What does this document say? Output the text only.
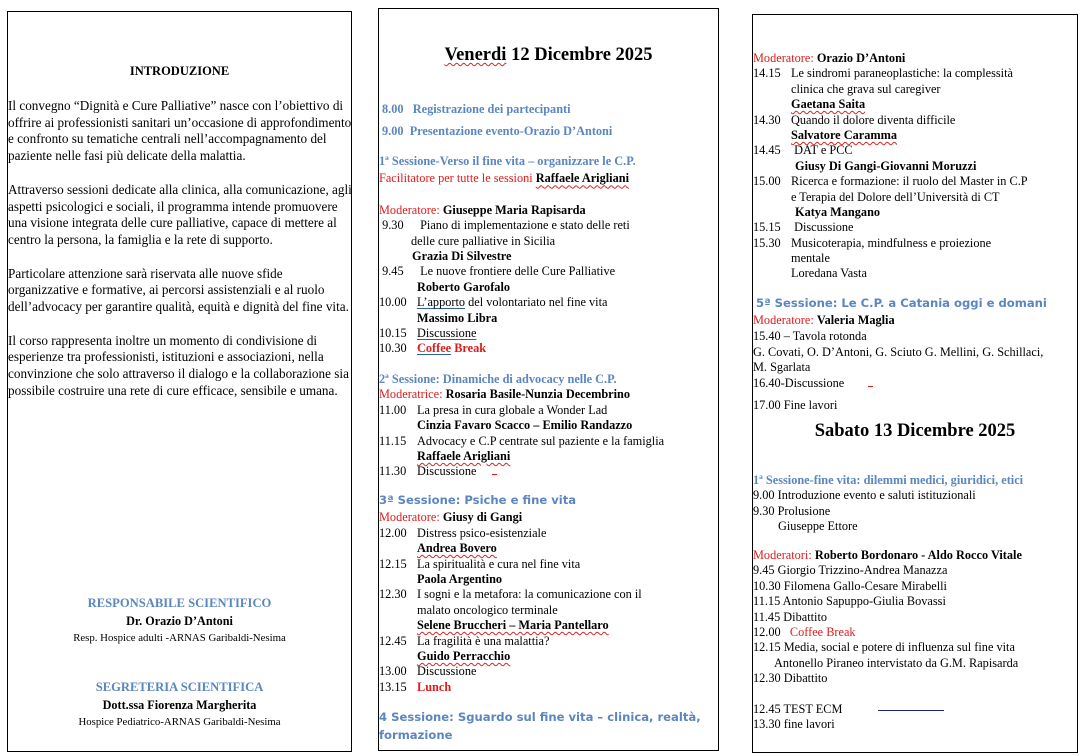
INTRODUZIONE

Il convegno “Dignità e Cure Palliative” nasce con l’obiettivo di offrire ai professionisti sanitari un’occasione di approfondimento e confronto su tematiche centrali nell’accompagnamento del paziente nelle fasi più delicate della malattia.

Attraverso sessioni dedicate alla clinica, alla comunicazione, agli aspetti psicologici e sociali, il programma intende promuovere una visione integrata delle cure palliative, capace di mettere al centro la persona, la famiglia e la rete di supporto.

Particolare attenzione sarà riservata alle nuove sfide organizzative e formative, ai percorsi assistenziali e al ruolo dell’advocacy per garantire qualità, equità e dignità del fine vita.

Il corso rappresenta inoltre un momento di condivisione di esperienze tra professionisti, istituzioni e associazioni, nella convinzione che solo attraverso il dialogo e la collaborazione sia possibile costruire una rete di cure efficace, sensibile e umana.

RESPONSABILE SCIENTIFICO
Dr. Orazio D’Antoni
Resp. Hospice adulti -ARNAS Garibaldi-Nesima
SEGRETERIA SCIENTIFICA
Dott.ssa Fiorenza Margherita
Hospice Pediatrico-ARNAS Garibaldi-Nesima
Venerdi 12 Dicembre 2025
8.00 Registrazione dei partecipanti
9.00 Presentazione evento-Orazio D’Antoni
1ª Sessione-Verso il fine vita – organizzare le C.P.
Facilitatore per tutte le sessioni Raffaele Arigliani
Moderatore: Giuseppe Maria Rapisarda
9.30 Piano di implementazione e stato delle reti
delle cure palliative in Sicilia
Grazia Di Silvestre
9.45 Le nuove frontiere delle Cure Palliative
Roberto Garofalo
10.00 L’apporto del volontariato nel fine vita
Massimo Libra
10.15 Discussione
10.30 Coffee Break
2ª Sessione: Dinamiche di advocacy nelle C.P.
Moderatrice: Rosaria Basile-Nunzia Decembrino
11.00 La presa in cura globale a Wonder Lad
Cinzia Favaro Scacco – Emilio Randazzo
11.15 Advocacy e C.P centrate sul paziente e la famiglia
Raffaele Arigliani
11.30 Discussione
3ª Sessione: Psiche e fine vita
Moderatore: Giusy di Gangi
12.00 Distress psico-esistenziale
Andrea Bovero
12.15 La spiritualità e cura nel fine vita
Paola Argentino
12.30 I sogni e la metafora: la comunicazione con il
malato oncologico terminale
Selene Bruccheri – Maria Pantellaro
12.45 La fragilità è una malattia?
Guido Perracchio
13.00 Discussione
13.15 Lunch
4 Sessione: Sguardo sul fine vita – clinica, realtà,
formazione
Moderatore: Orazio D’Antoni
14.15 Le sindromi paraneoplastiche: la complessità
clinica che grava sul caregiver
Gaetana Saita
14.30 Quando il dolore diventa difficile
Salvatore Caramma
14.45 DAT e PCC
Giusy Di Gangi-Giovanni Moruzzi
15.00 Ricerca e formazione: il ruolo del Master in C.P
e Terapia del Dolore dell’Università di CT
Katya Mangano
15.15 Discussione
15.30 Musicoterapia, mindfulness e proiezione
mentale
Loredana Vasta
5ª Sessione: Le C.P. a Catania oggi e domani
Moderatore: Valeria Maglia
15.40 – Tavola rotonda
G. Covati, O. D’Antoni, G. Sciuto G. Mellini, G. Schillaci,
M. Sgarlata
16.40-Discussione
17.00 Fine lavori
Sabato 13 Dicembre 2025
1ª Sessione-fine vita: dilemmi medici, giuridici, etici
9.00 Introduzione evento e saluti istituzionali
9.30 Prolusione
Giuseppe Ettore
Moderatori: Roberto Bordonaro - Aldo Rocco Vitale
9.45 Giorgio Trizzino-Andrea Manazza
10.30 Filomena Gallo-Cesare Mirabelli
11.15 Antonio Sapuppo-Giulia Bovassi
11.45 Dibattito
12.00 Coffee Break
12.15 Media, social e potere di influenza sul fine vita
Antonello Piraneo intervistato da G.M. Rapisarda
12.30 Dibattito
12.45 TEST ECM
13.30 fine lavori
